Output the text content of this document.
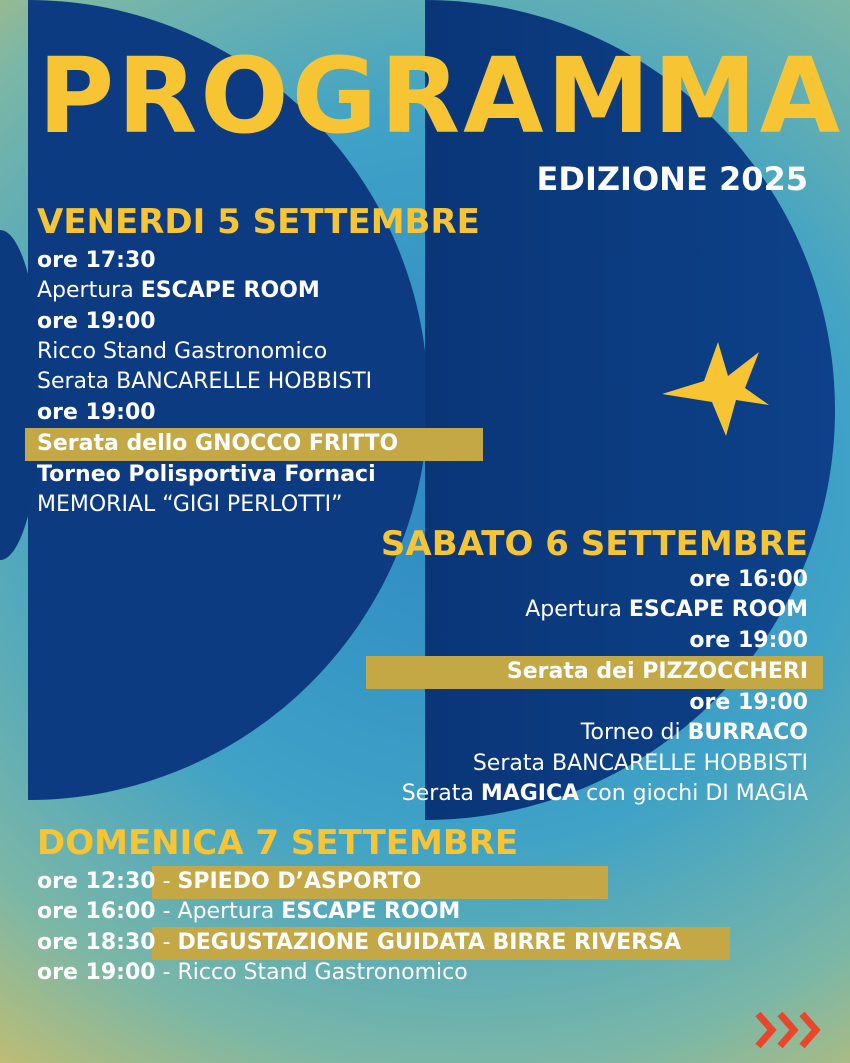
PROGRAMMA
EDIZIONE 2025
VENERDI 5 SETTEMBRE
ore 17:30
Apertura ESCAPE ROOM
ore 19:00
Ricco Stand Gastronomico
Serata BANCARELLE HOBBISTI
ore 19:00
Serata dello GNOCCO FRITTO
Torneo Polisportiva Fornaci
MEMORIAL “GIGI PERLOTTI”
SABATO 6 SETTEMBRE
ore 16:00
Apertura ESCAPE ROOM
ore 19:00
Serata dei PIZZOCCHERI
ore 19:00
Torneo di BURRACO
Serata BANCARELLE HOBBISTI
Serata MAGICA con giochi DI MAGIA
DOMENICA 7 SETTEMBRE
ore 12:30 - SPIEDO D’ASPORTO
ore 16:00 - Apertura ESCAPE ROOM
ore 18:30 - DEGUSTAZIONE GUIDATA BIRRE RIVERSA
ore 19:00 - Ricco Stand Gastronomico
